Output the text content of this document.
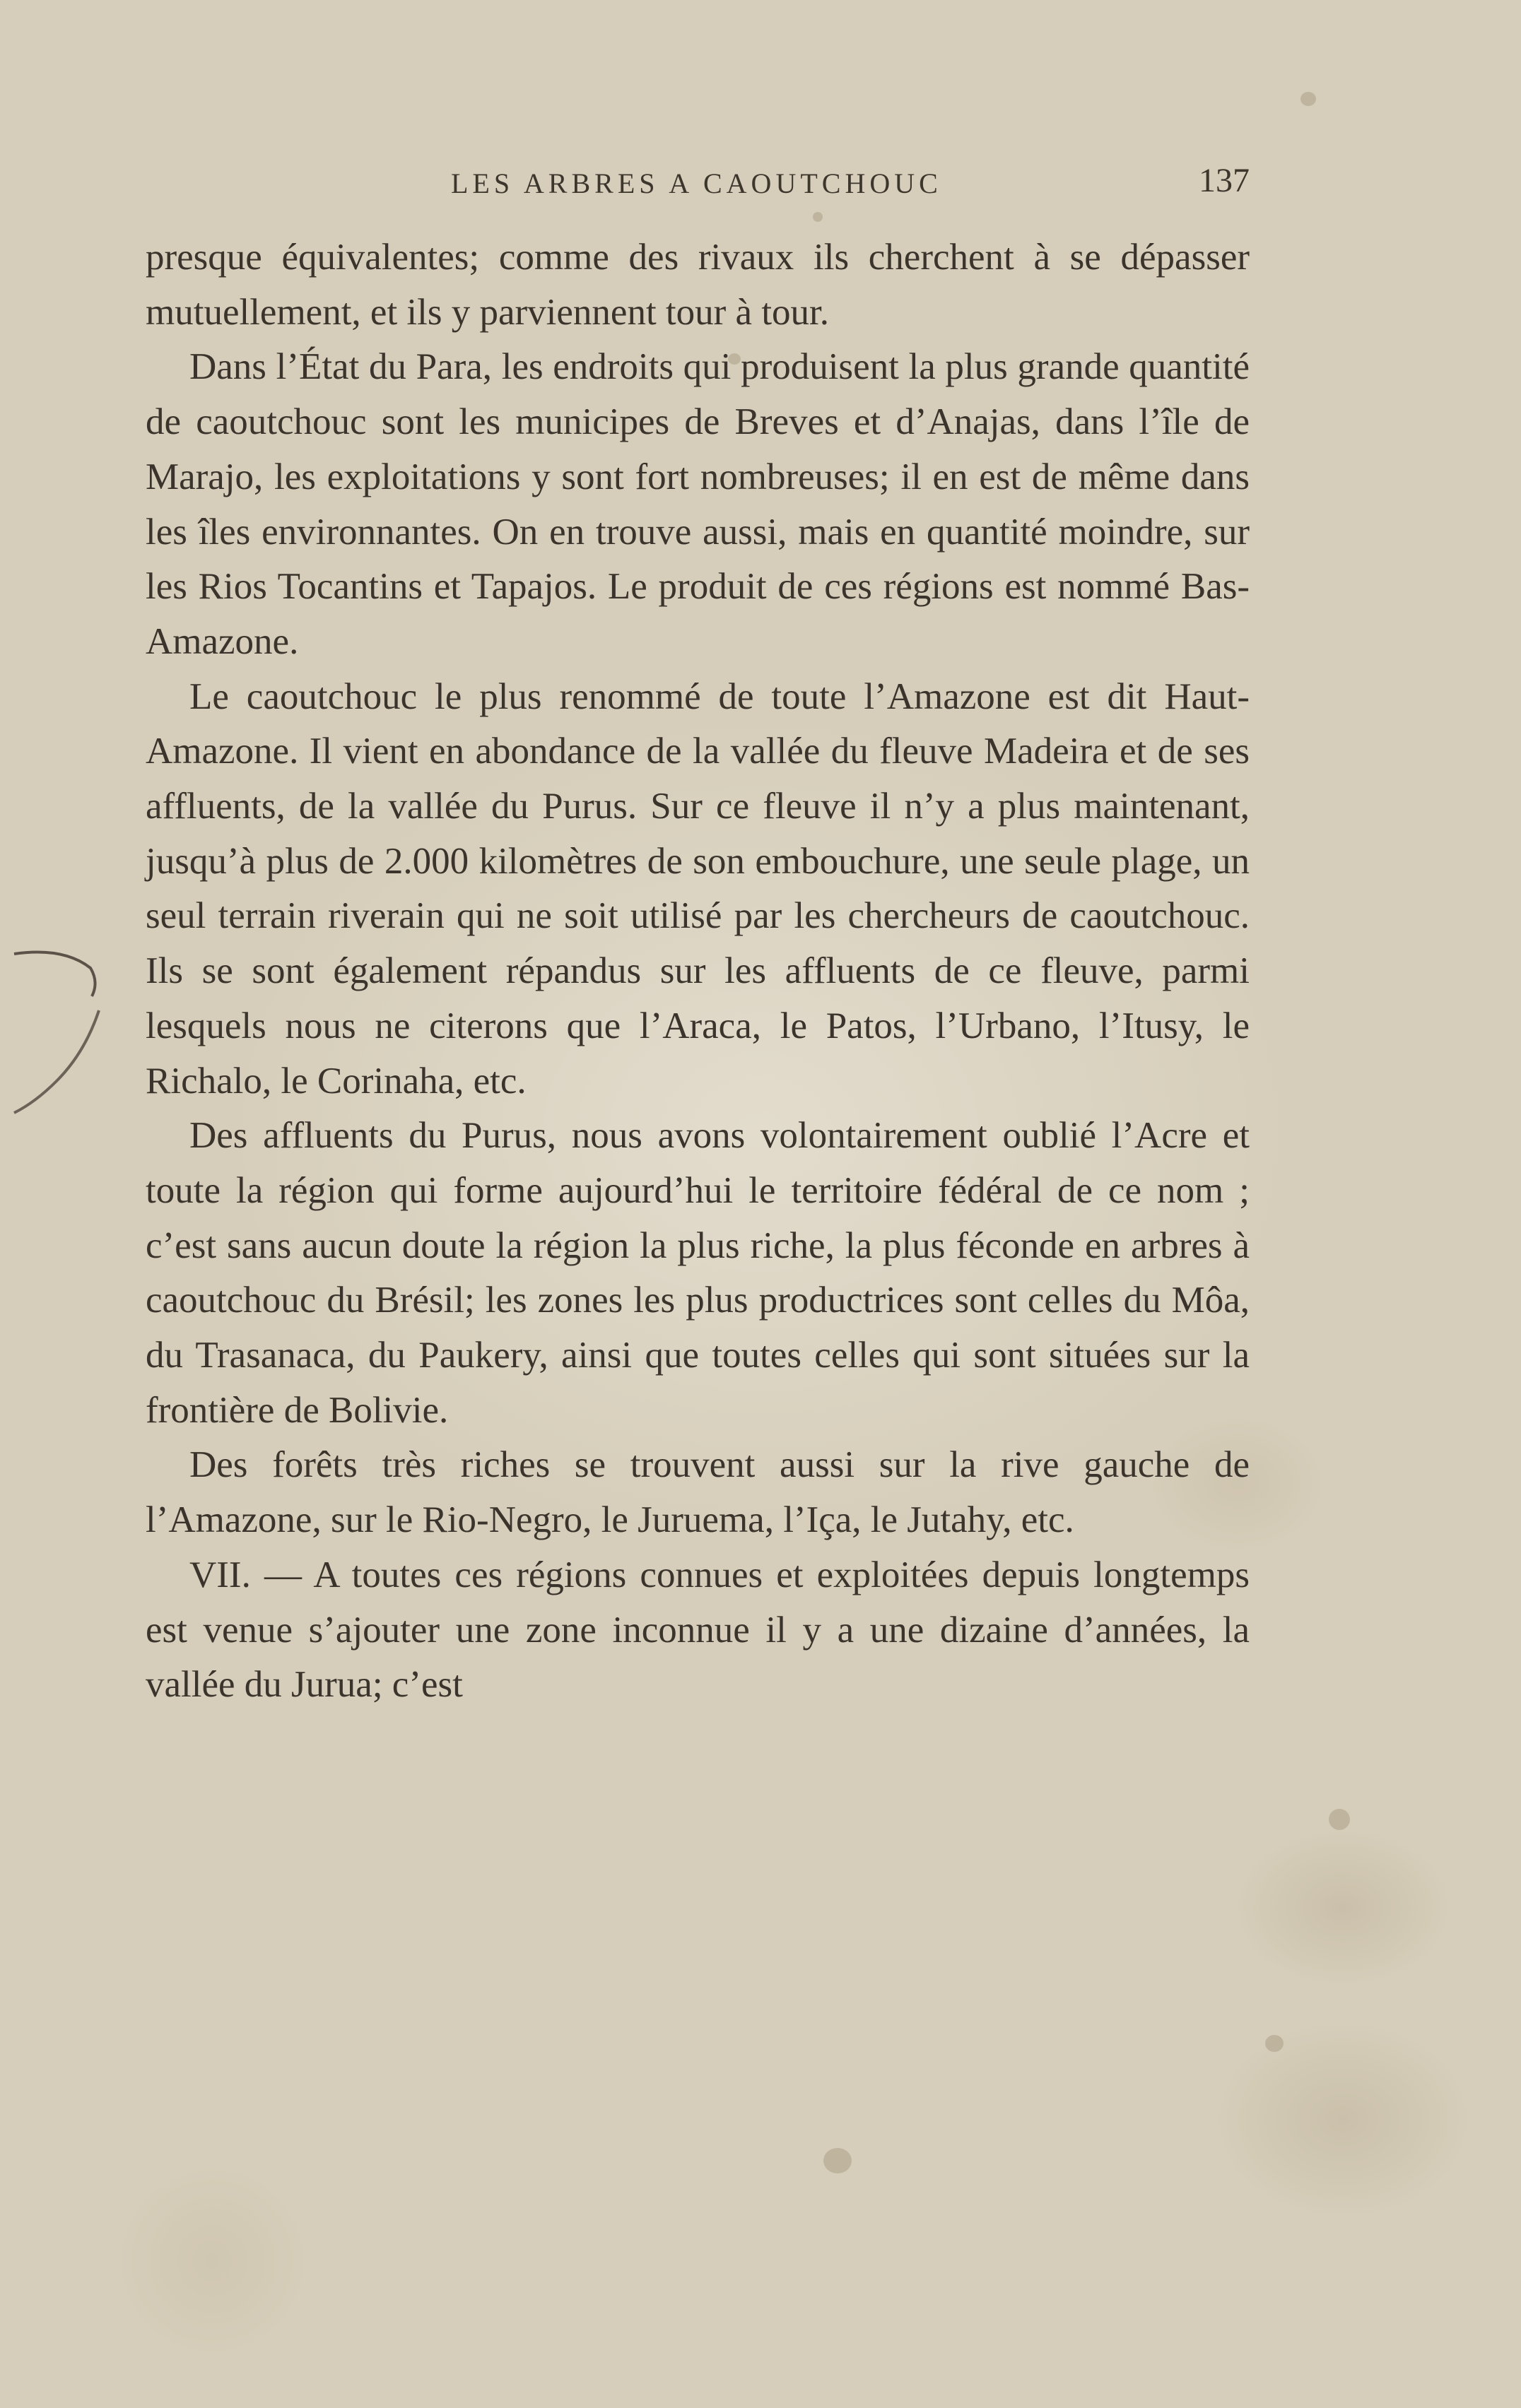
LES ARBRES A CAOUTCHOUC	137

presque équivalentes; comme des rivaux ils cherchent à se dépasser mutuellement, et ils y parviennent tour à tour.

Dans l’État du Para, les endroits qui produisent la plus grande quantité de caoutchouc sont les municipes de Breves et d’Anajas, dans l’île de Marajo, les exploitations y sont fort nombreuses; il en est de même dans les îles environnantes. On en trouve aussi, mais en quantité moindre, sur les Rios Tocantins et Tapajos. Le produit de ces régions est nommé Bas-Amazone.

Le caoutchouc le plus renommé de toute l’Amazone est dit Haut-Amazone. Il vient en abondance de la vallée du fleuve Madeira et de ses affluents, de la vallée du Purus. Sur ce fleuve il n’y a plus maintenant, jusqu’à plus de 2.000 kilomètres de son embouchure, une seule plage, un seul terrain riverain qui ne soit utilisé par les chercheurs de caoutchouc. Ils se sont également répandus sur les affluents de ce fleuve, parmi lesquels nous ne citerons que l’Araca, le Patos, l’Urbano, l’Itusy, le Richalo, le Corinaha, etc.

Des affluents du Purus, nous avons volontairement oublié l’Acre et toute la région qui forme aujourd’hui le territoire fédéral de ce nom ; c’est sans aucun doute la région la plus riche, la plus féconde en arbres à caoutchouc du Brésil; les zones les plus productrices sont celles du Môa, du Trasanaca, du Paukery, ainsi que toutes celles qui sont situées sur la frontière de Bolivie.

Des forêts très riches se trouvent aussi sur la rive gauche de l’Amazone, sur le Rio-Negro, le Juruema, l’Iça, le Jutahy, etc.

VII. — A toutes ces régions connues et exploitées depuis longtemps est venue s’ajouter une zone inconnue il y a une dizaine d’années, la vallée du Jurua; c’est
